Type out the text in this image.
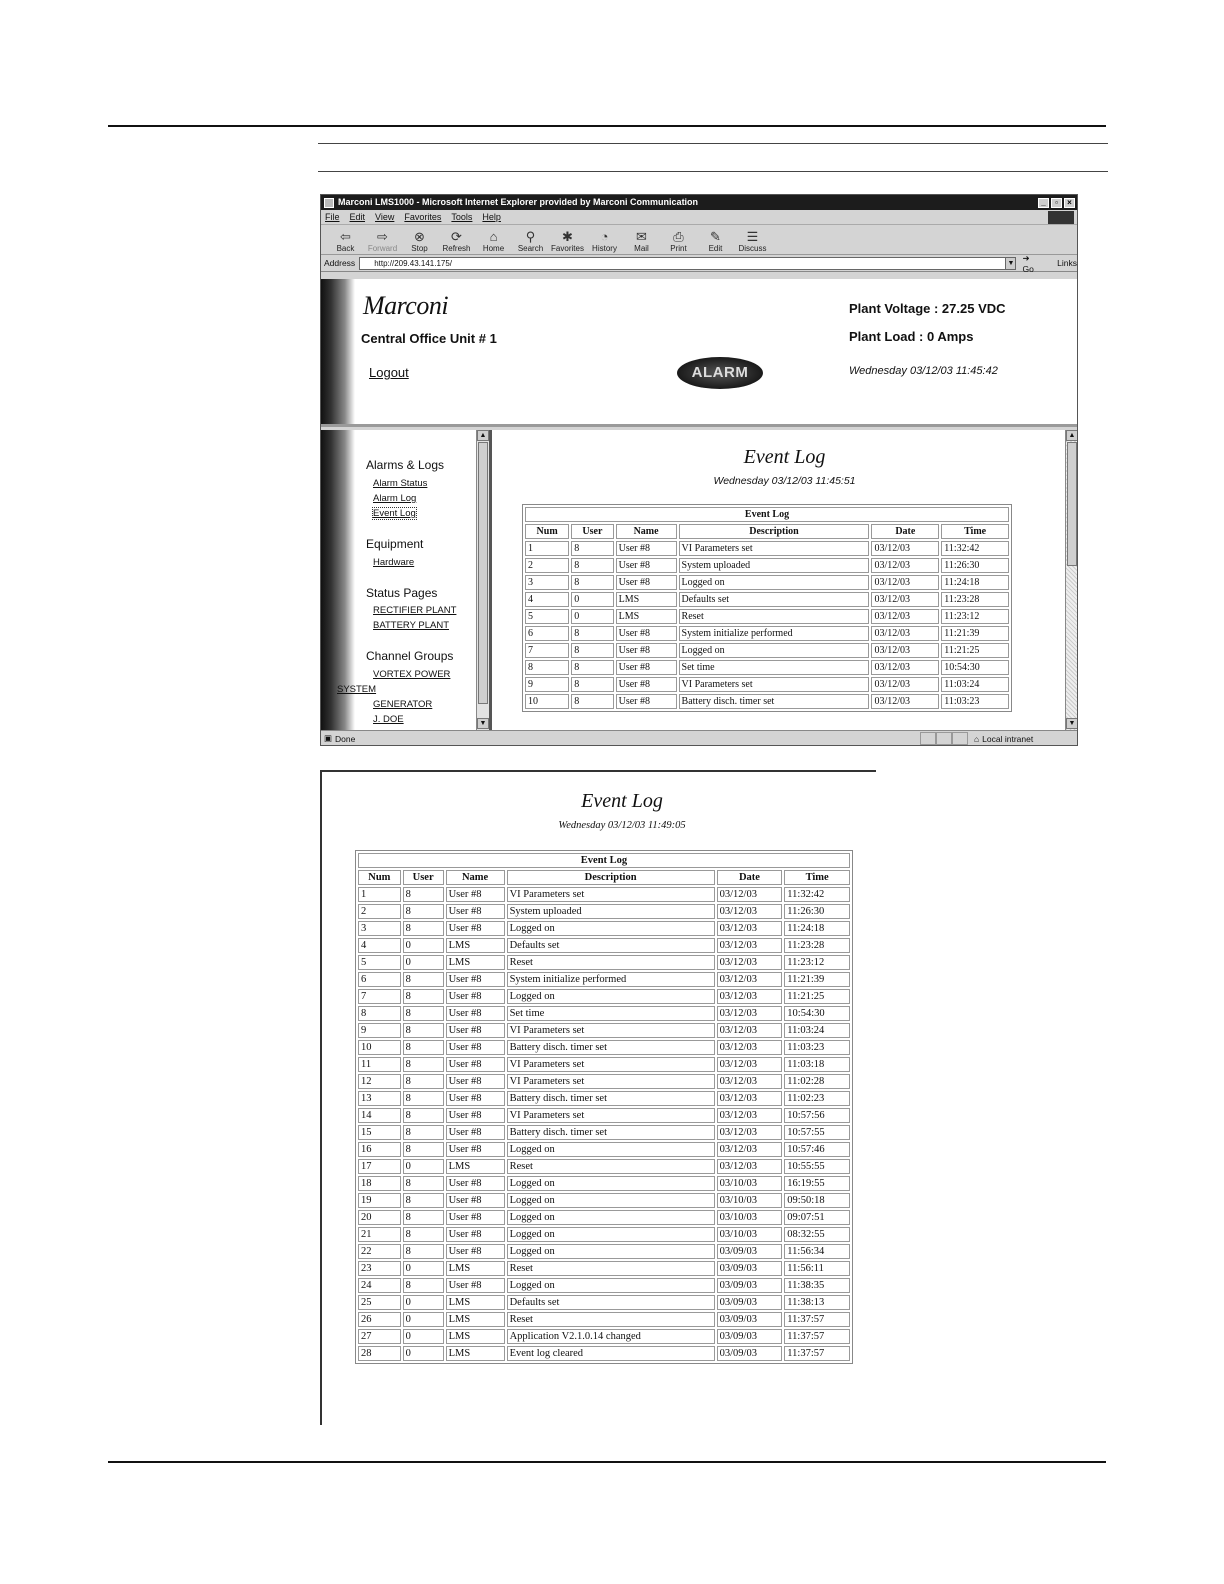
Marconi LMS1000 - Microsoft Internet Explorer provided by Marconi Communication	_	▫	×
File Edit View Favorites Tools Help
⇦
Back
⇨
Forward
⊗
Stop
⟳
Refresh
⌂
Home
⚲
Search
✱
Favorites
◔
History
✉
Mail
⎙
Print
✎
Edit
☰
Discuss
Address	http://209.43.141.175/	▼
➜ Go
Links
Marconi
Central Office Unit # 1
Logout	ALARM
Plant Voltage : 27.25 VDC
Plant Load : 0 Amps
Wednesday 03/12/03 11:45:42
Alarms & Logs
Alarm Status
Alarm Log
Event Log
Equipment
Hardware
Status Pages
RECTIFIER PLANT
BATTERY PLANT
Channel Groups
VORTEX POWER
SYSTEM
GENERATOR
J. DOE
▲
▼
Event Log
Wednesday 03/12/03 11:45:51
Event Log					
Num	User	Name	Description	Date	Time
1	8	User #8	VI Parameters set	03/12/03	11:32:42
2	8	User #8	System uploaded	03/12/03	11:26:30
3	8	User #8	Logged on	03/12/03	11:24:18
4	0	LMS	Defaults set	03/12/03	11:23:28
5	0	LMS	Reset	03/12/03	11:23:12
6	8	User #8	System initialize performed	03/12/03	11:21:39
7	8	User #8	Logged on	03/12/03	11:21:25
8	8	User #8	Set time	03/12/03	10:54:30
9	8	User #8	VI Parameters set	03/12/03	11:03:24
10	8	User #8	Battery disch. timer set	03/12/03	11:03:23
▲
▼
▣ Done	⌂ Local intranet
Event Log
Wednesday 03/12/03 11:49:05
Event Log					
Num	User	Name	Description	Date	Time
1	8	User #8	VI Parameters set	03/12/03	11:32:42
2	8	User #8	System uploaded	03/12/03	11:26:30
3	8	User #8	Logged on	03/12/03	11:24:18
4	0	LMS	Defaults set	03/12/03	11:23:28
5	0	LMS	Reset	03/12/03	11:23:12
6	8	User #8	System initialize performed	03/12/03	11:21:39
7	8	User #8	Logged on	03/12/03	11:21:25
8	8	User #8	Set time	03/12/03	10:54:30
9	8	User #8	VI Parameters set	03/12/03	11:03:24
10	8	User #8	Battery disch. timer set	03/12/03	11:03:23
11	8	User #8	VI Parameters set	03/12/03	11:03:18
12	8	User #8	VI Parameters set	03/12/03	11:02:28
13	8	User #8	Battery disch. timer set	03/12/03	11:02:23
14	8	User #8	VI Parameters set	03/12/03	10:57:56
15	8	User #8	Battery disch. timer set	03/12/03	10:57:55
16	8	User #8	Logged on	03/12/03	10:57:46
17	0	LMS	Reset	03/12/03	10:55:55
18	8	User #8	Logged on	03/10/03	16:19:55
19	8	User #8	Logged on	03/10/03	09:50:18
20	8	User #8	Logged on	03/10/03	09:07:51
21	8	User #8	Logged on	03/10/03	08:32:55
22	8	User #8	Logged on	03/09/03	11:56:34
23	0	LMS	Reset	03/09/03	11:56:11
24	8	User #8	Logged on	03/09/03	11:38:35
25	0	LMS	Defaults set	03/09/03	11:38:13
26	0	LMS	Reset	03/09/03	11:37:57
27	0	LMS	Application V2.1.0.14 changed	03/09/03	11:37:57
28	0	LMS	Event log cleared	03/09/03	11:37:57
